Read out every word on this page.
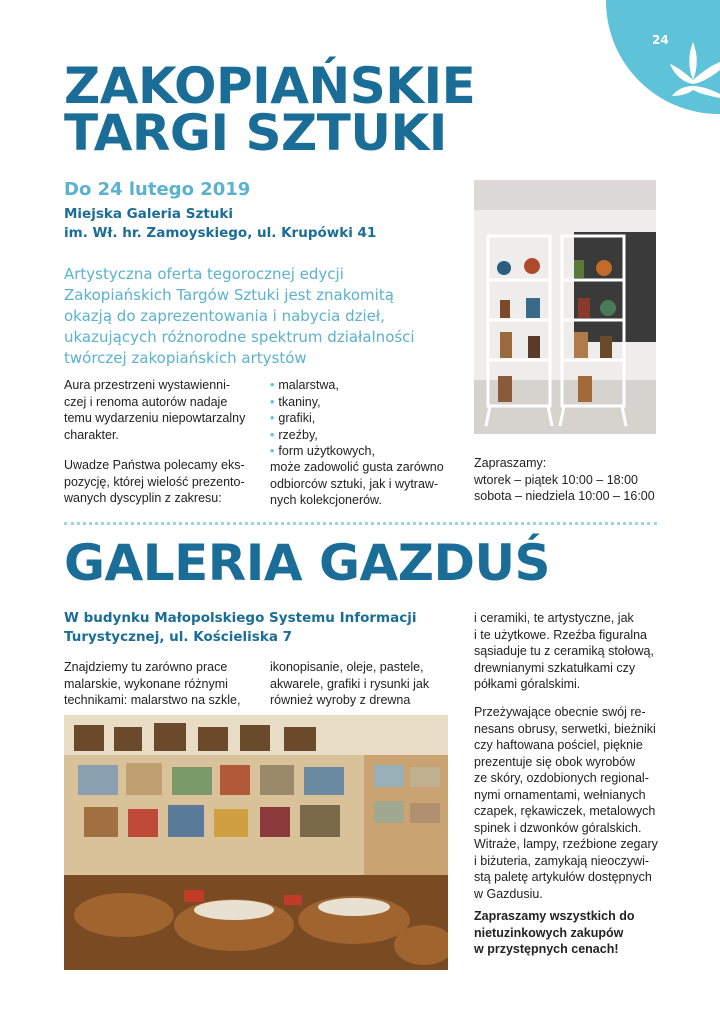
24
ZAKOPIAŃSKIE
TARGI SZTUKI
Do 24 lutego 2019
Miejska Galeria Sztuki
im. Wł. hr. Zamoyskiego, ul. Krupówki 41
Artystyczna oferta tegorocznej edycji
Zakopiańskich Targów Sztuki jest znakomitą
okazją do zaprezentowania i nabycia dzieł,
ukazujących różnorodne spektrum działalności
twórczej zakopiańskich artystów
Aura przestrzeni wystawienni-
czej i renoma autorów nadaje
temu wydarzeniu niepowtarzalny
charakter.
Uwadze Państwa polecamy eks-
pozycję, której wielość prezento-
wanych dyscyplin z zakresu:
• malarstwa,
• tkaniny,
• grafiki,
• rzeźby,
• form użytkowych,
może zadowolić gusta zarówno
odbiorców sztuki, jak i wytraw-
nych kolekcjonerów.
Zapraszamy:
wtorek – piątek 10:00 – 18:00
sobota – niedziela 10:00 – 16:00
GALERIA GAZDUŚ
W budynku Małopolskiego Systemu Informacji
Turystycznej, ul. Kościeliska 7
Znajdziemy tu zarówno prace
malarskie, wykonane różnymi
technikami: malarstwo na szkle,
ikonopisanie, oleje, pastele,
akwarele, grafiki i rysunki jak
również wyroby z drewna
i ceramiki, te artystyczne, jak
i te użytkowe. Rzeźba figuralna
sąsiaduje tu z ceramiką stołową,
drewnianymi szkatułkami czy
półkami góralskimi.
Przeżywające obecnie swój re-
nesans obrusy, serwetki, bieżniki
czy haftowana pościel, pięknie
prezentuje się obok wyrobów
ze skóry, ozdobionych regional-
nymi ornamentami, wełnianych
czapek, rękawiczek, metalowych
spinek i dzwonków góralskich.
Witraże, lampy, rzeźbione zegary
i biżuteria, zamykają nieoczywi-
stą paletę artykułów dostępnych
w Gazdusiu.
Zapraszamy wszystkich do
nietuzinkowych zakupów
w przystępnych cenach!
